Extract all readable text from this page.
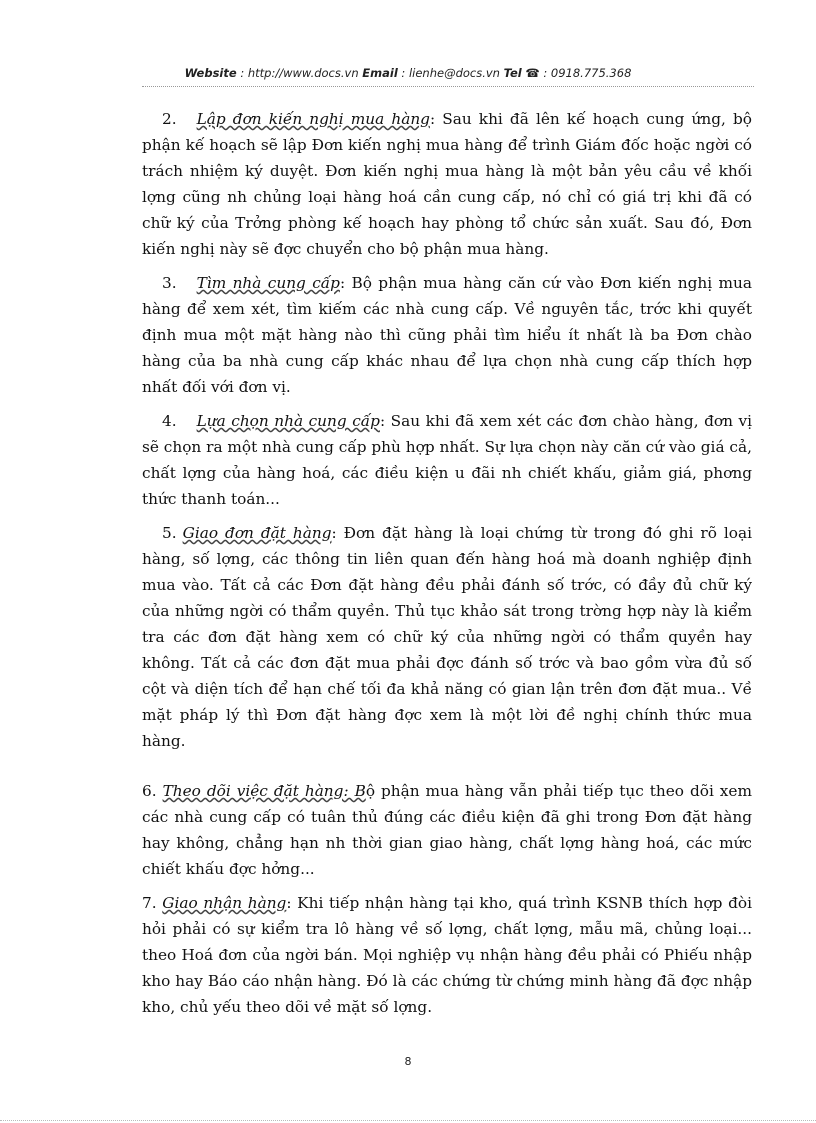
Website : http://www.docs.vn Email : lienhe@docs.vn Tel ☎ : 0918.775.368

2. Lập đơn kiến nghị mua hàng: Sau khi đã lên kế hoạch cung ứng, bộ phận kế hoạch sẽ lập Đơn kiến nghị mua hàng để trình Giám đốc hoặc ngời có trách nhiệm ký duyệt. Đơn kiến nghị mua hàng là một bản yêu cầu về khối lợng cũng nh chủng loại hàng hoá cần cung cấp, nó chỉ có giá trị khi đã có chữ ký của Trởng phòng kế hoạch hay phòng tổ chức sản xuất. Sau đó, Đơn kiến nghị này sẽ đợc chuyển cho bộ phận mua hàng.

3. Tìm nhà cung cấp: Bộ phận mua hàng căn cứ vào Đơn kiến nghị mua hàng để xem xét, tìm kiếm các nhà cung cấp. Về nguyên tắc, trớc khi quyết định mua một mặt hàng nào thì cũng phải tìm hiểu ít nhất là ba Đơn chào hàng của ba nhà cung cấp khác nhau để lựa chọn nhà cung cấp thích hợp nhất đối với đơn vị.

4. Lựa chọn nhà cung cấp: Sau khi đã xem xét các đơn chào hàng, đơn vị sẽ chọn ra một nhà cung cấp phù hợp nhất. Sự lựa chọn này căn cứ vào giá cả, chất lợng của hàng hoá, các điều kiện u đãi nh chiết khấu, giảm giá, phơng thức thanh toán...

5. Giao đơn đặt hàng: Đơn đặt hàng là loại chứng từ trong đó ghi rõ loại hàng, số lợng, các thông tin liên quan đến hàng hoá mà doanh nghiệp định mua vào. Tất cả các Đơn đặt hàng đều phải đánh số trớc, có đầy đủ chữ ký của những ngời có thẩm quyền. Thủ tục khảo sát trong trờng hợp này là kiểm tra các đơn đặt hàng xem có chữ ký của những ngời có thẩm quyền hay không. Tất cả các đơn đặt mua phải đợc đánh số trớc và bao gồm vừa đủ số cột và diện tích để hạn chế tối đa khả năng có gian lận trên đơn đặt mua.. Về mặt pháp lý thì Đơn đặt hàng đợc xem là một lời đề nghị chính thức mua hàng.

6. Theo dõi việc đặt hàng: Bộ phận mua hàng vẫn phải tiếp tục theo dõi xem các nhà cung cấp có tuân thủ đúng các điều kiện đã ghi trong Đơn đặt hàng hay không, chẳng hạn nh thời gian giao hàng, chất lợng hàng hoá, các mức chiết khấu đợc hởng...

7. Giao nhận hàng: Khi tiếp nhận hàng tại kho, quá trình KSNB thích hợp đòi hỏi phải có sự kiểm tra lô hàng về số lợng, chất lợng, mẫu mã, chủng loại... theo Hoá đơn của ngời bán. Mọi nghiệp vụ nhận hàng đều phải có Phiếu nhập kho hay Báo cáo nhận hàng. Đó là các chứng từ chứng minh hàng đã đợc nhập kho, chủ yếu theo dõi về mặt số lợng.

8
